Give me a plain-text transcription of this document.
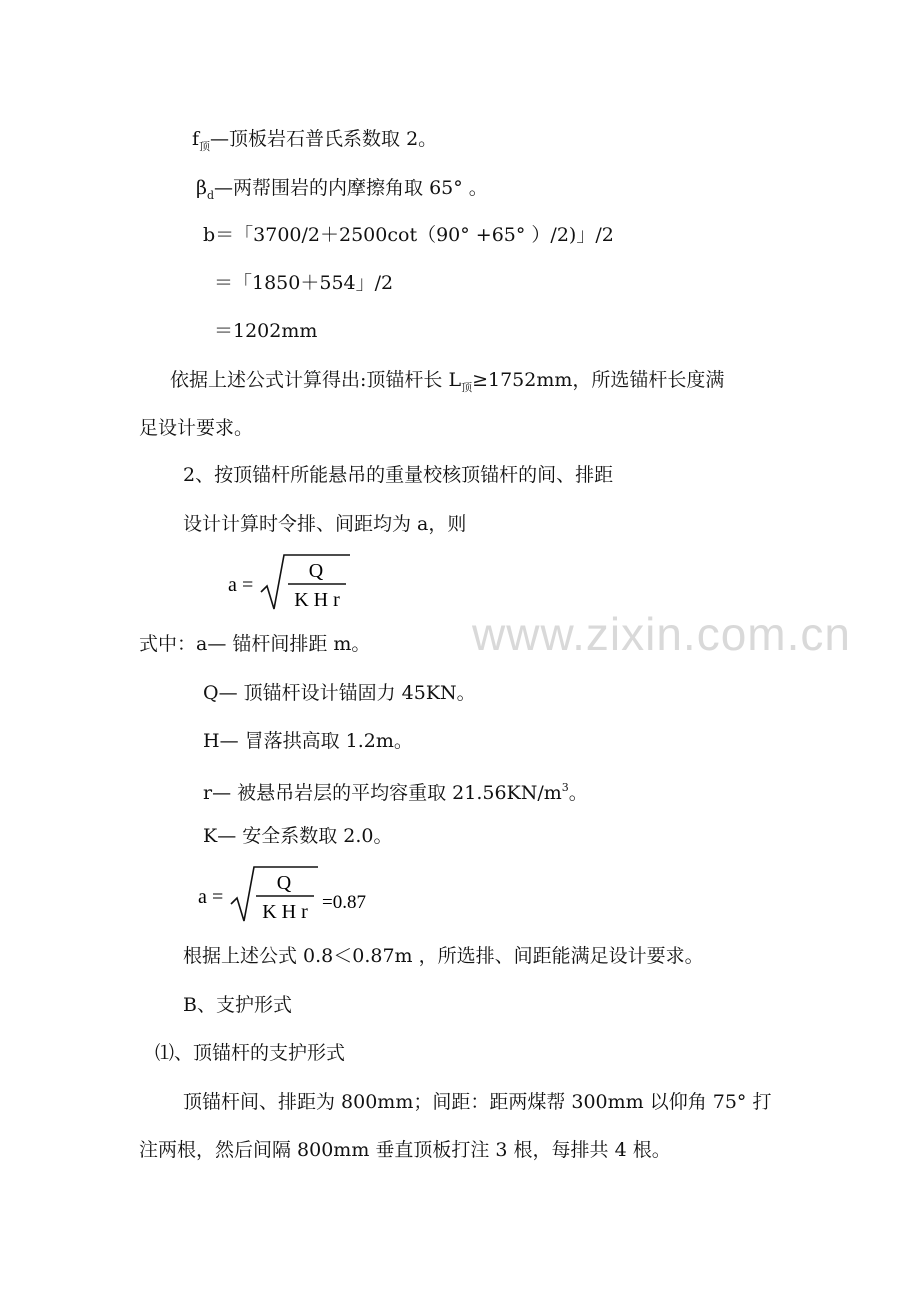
$f_顶—$顶板岩石普氏系数取 2。
$\beta_d—$两帮围岩的内摩擦角取 65° 。
b＝「3700/2＋2500cot（90° +65° ）/2)」/2
＝「1850＋554」/2
＝1202mm
依据上述公式计算得出:顶锚杆长 $L_顶\ge 1752mm$，所选锚杆长度满
足设计要求。
2、按顶锚杆所能悬吊的重量校核顶锚杆的间、排距
设计计算时令排、间距均为 a，则
a =
Q
K H r
式中：a— 锚杆间排距 m。
Q— 顶锚杆设计锚固力 45KN。
H— 冒落拱高取 1.2m。
r— 被悬吊岩层的平均容重取 $21.56KN/m^3$。
K— 安全系数取 2.0。
a =
Q
K H r =0.87
根据上述公式 0.8＜0.87m ，所选排、间距能满足设计要求。
B、支护形式
⑴、顶锚杆的支护形式
顶锚杆间、排距为 800mm；间距：距两煤帮 300mm 以仰角 75° 打
注两根，然后间隔 800mm 垂直顶板打注 3 根，每排共 4 根。
www.zixin.com.cn
